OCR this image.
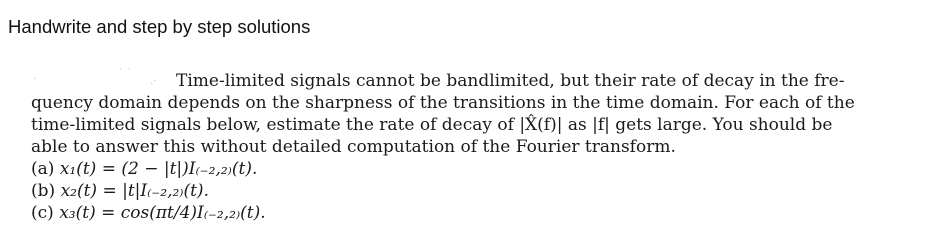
Handwrite and step by step solutions
·
˙ ˙
.·	Time-limited signals cannot be bandlimited, but their rate of decay in the fre-
quency domain depends on the sharpness of the transitions in the time domain. For each of the
time-limited signals below, estimate the rate of decay of |X̂(f)| as |f| gets large. You should be
able to answer this without detailed computation of the Fourier transform.
(a) x₁(t) = (2 − |t|)I₍₋₂,₂₎(t).
(b) x₂(t) = |t|I₍₋₂,₂₎(t).
(c) x₃(t) = cos(πt/4)I₍₋₂,₂₎(t).
